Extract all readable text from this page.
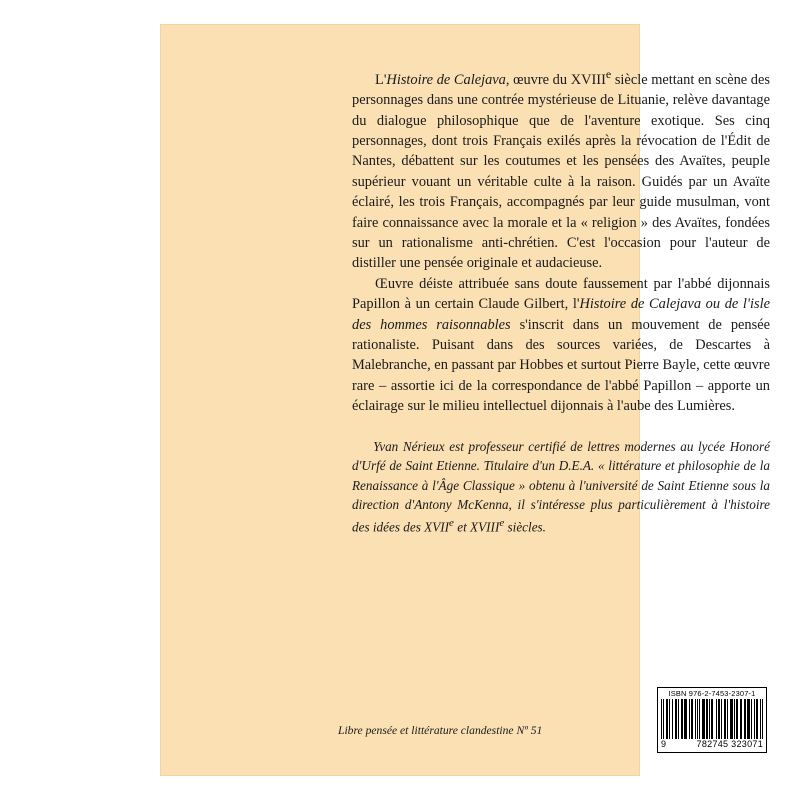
L'Histoire de Calejava, œuvre du XVIIIe siècle mettant en scène des personnages dans une contrée mystérieuse de Lituanie, relève davantage du dialogue philosophique que de l'aventure exotique. Ses cinq personnages, dont trois Français exilés après la révocation de l'Édit de Nantes, débattent sur les coutumes et les pensées des Avaïtes, peuple supérieur vouant un véritable culte à la raison. Guidés par un Avaïte éclairé, les trois Français, accompagnés par leur guide musulman, vont faire connaissance avec la morale et la « religion » des Avaïtes, fondées sur un rationalisme anti-chrétien. C'est l'occasion pour l'auteur de distiller une pensée originale et audacieuse.

Œuvre déiste attribuée sans doute faussement par l'abbé dijonnais Papillon à un certain Claude Gilbert, l'Histoire de Calejava ou de l'isle des hommes raisonnables s'inscrit dans un mouvement de pensée rationaliste. Puisant dans des sources variées, de Descartes à Malebranche, en passant par Hobbes et surtout Pierre Bayle, cette œuvre rare – assortie ici de la correspondance de l'abbé Papillon – apporte un éclairage sur le milieu intellectuel dijonnais à l'aube des Lumières.

Yvan Nérieux est professeur certifié de lettres modernes au lycée Honoré d'Urfé de Saint Etienne. Titulaire d'un D.E.A. « littérature et philosophie de la Renaissance à l'Âge Classique » obtenu à l'université de Saint Etienne sous la direction d'Antony McKenna, il s'intéresse plus particulièrement à l'histoire des idées des XVIIe et XVIIIe siècles.

Libre pensée et littérature clandestine Nº 51
ISBN 976-2-7453-2307-1
9	782745 323071
